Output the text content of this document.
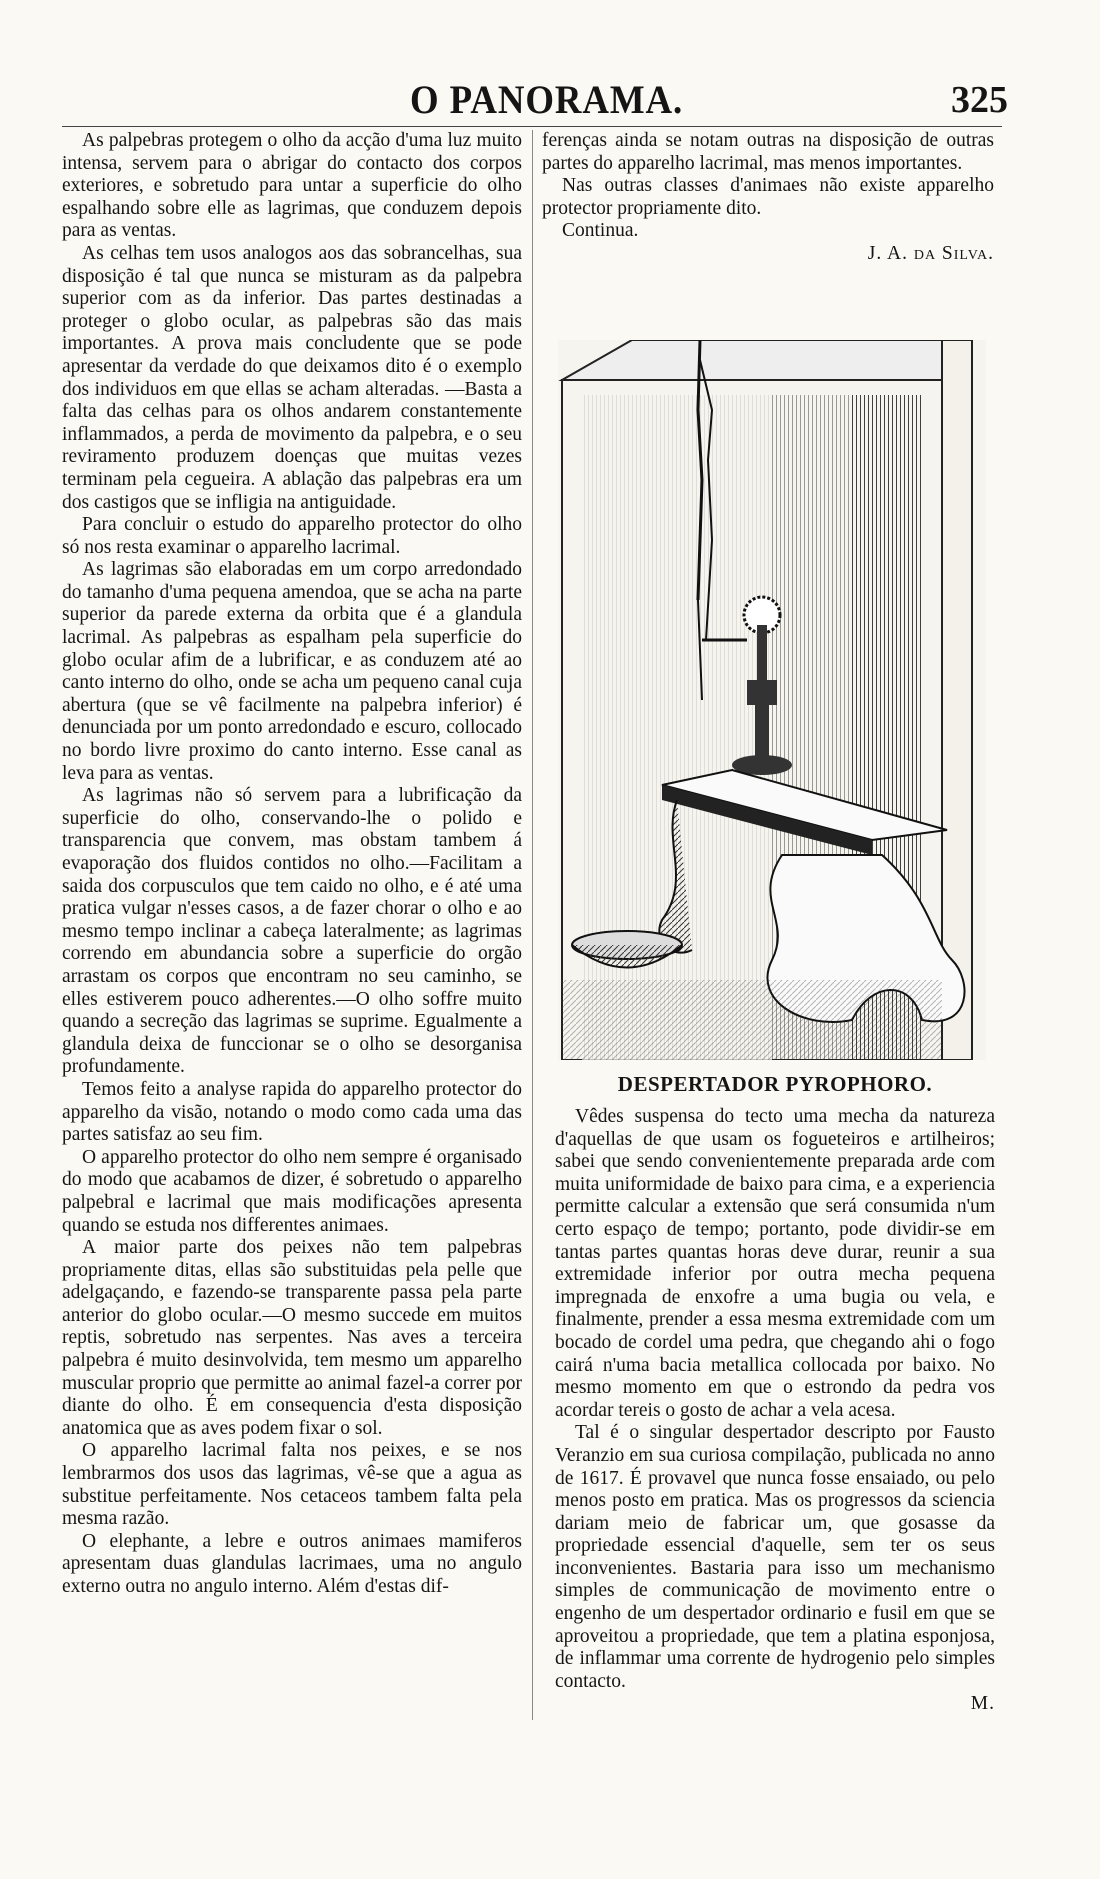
O PANORAMA.	325

As palpebras protegem o olho da acção d'uma luz muito intensa, servem para o abrigar do contacto dos corpos exteriores, e sobretudo para untar a superficie do olho espalhando sobre elle as lagrimas, que conduzem depois para as ventas.

As celhas tem usos analogos aos das sobrancelhas, sua disposição é tal que nunca se misturam as da palpebra superior com as da inferior. Das partes destinadas a proteger o globo ocular, as palpebras são das mais importantes. A prova mais concludente que se pode apresentar da verdade do que deixamos dito é o exemplo dos individuos em que ellas se acham alteradas. —Basta a falta das celhas para os olhos andarem constantemente inflammados, a perda de movimento da palpebra, e o seu reviramento produzem doenças que muitas vezes terminam pela cegueira. A ablação das palpebras era um dos castigos que se infligia na antiguidade.

Para concluir o estudo do apparelho protector do olho só nos resta examinar o apparelho lacrimal.

As lagrimas são elaboradas em um corpo arredondado do tamanho d'uma pequena amendoa, que se acha na parte superior da parede externa da orbita que é a glandula lacrimal. As palpebras as espalham pela superficie do globo ocular afim de a lubrificar, e as conduzem até ao canto interno do olho, onde se acha um pequeno canal cuja abertura (que se vê facilmente na palpebra inferior) é denunciada por um ponto arredondado e escuro, collocado no bordo livre proximo do canto interno. Esse canal as leva para as ventas.

As lagrimas não só servem para a lubrificação da superficie do olho, conservando-lhe o polido e transparencia que convem, mas obstam tambem á evaporação dos fluidos contidos no olho.—Facilitam a saida dos corpusculos que tem caido no olho, e é até uma pratica vulgar n'esses casos, a de fazer chorar o olho e ao mesmo tempo inclinar a cabeça lateralmente; as lagrimas correndo em abundancia sobre a superficie do orgão arrastam os corpos que encontram no seu caminho, se elles estiverem pouco adherentes.—O olho soffre muito quando a secreção das lagrimas se suprime. Egualmente a glandula deixa de funccionar se o olho se desorganisa profundamente.

Temos feito a analyse rapida do apparelho protector do apparelho da visão, notando o modo como cada uma das partes satisfaz ao seu fim.

O apparelho protector do olho nem sempre é organisado do modo que acabamos de dizer, é sobretudo o apparelho palpebral e lacrimal que mais modificações apresenta quando se estuda nos differentes animaes.

A maior parte dos peixes não tem palpebras propriamente ditas, ellas são substituidas pela pelle que adelgaçando, e fazendo-se transparente passa pela parte anterior do globo ocular.—O mesmo succede em muitos reptis, sobretudo nas serpentes. Nas aves a terceira palpebra é muito desinvolvida, tem mesmo um apparelho muscular proprio que permitte ao animal fazel-a correr por diante do olho. É em consequencia d'esta disposição anatomica que as aves podem fixar o sol.

O apparelho lacrimal falta nos peixes, e se nos lembrarmos dos usos das lagrimas, vê-se que a agua as substitue perfeitamente. Nos cetaceos tambem falta pela mesma razão.

O elephante, a lebre e outros animaes mamiferos apresentam duas glandulas lacrimaes, uma no angulo externo outra no angulo interno. Além d'estas dif-

ferenças ainda se notam outras na disposição de outras partes do apparelho lacrimal, mas menos importantes.

Nas outras classes d'animaes não existe apparelho protector propriamente dito.

Continua.

J. A. da Silva.

DESPERTADOR PYROPHORO.

Vêdes suspensa do tecto uma mecha da natureza d'aquellas de que usam os fogueteiros e artilheiros; sabei que sendo convenientemente preparada arde com muita uniformidade de baixo para cima, e a experiencia permitte calcular a extensão que será consumida n'um certo espaço de tempo; portanto, pode dividir-se em tantas partes quantas horas deve durar, reunir a sua extremidade inferior por outra mecha pequena impregnada de enxofre a uma bugia ou vela, e finalmente, prender a essa mesma extremidade com um bocado de cordel uma pedra, que chegando ahi o fogo cairá n'uma bacia metallica collocada por baixo. No mesmo momento em que o estrondo da pedra vos acordar tereis o gosto de achar a vela acesa.

Tal é o singular despertador descripto por Fausto Veranzio em sua curiosa compilação, publicada no anno de 1617. É provavel que nunca fosse ensaiado, ou pelo menos posto em pratica. Mas os progressos da sciencia dariam meio de fabricar um, que gosasse da propriedade essencial d'aquelle, sem ter os seus inconvenientes. Bastaria para isso um mechanismo simples de communicação de movimento entre o engenho de um despertador ordinario e fusil em que se aproveitou a propriedade, que tem a platina esponjosa, de inflammar uma corrente de hydrogenio pelo simples contacto.

M.
